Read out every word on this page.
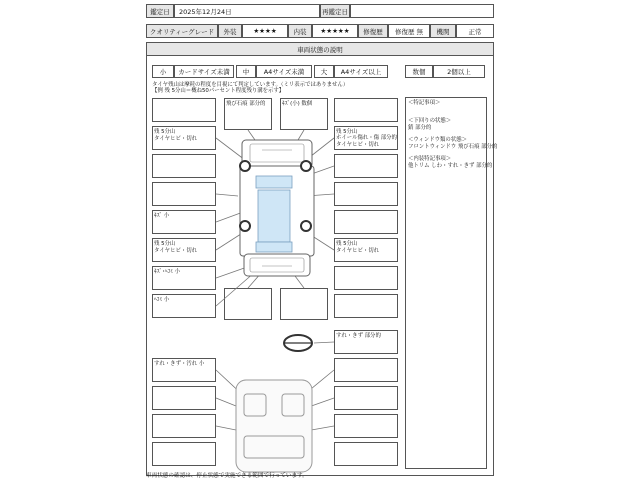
鑑定日	2025年12月24日	再鑑定日
クオリティーグレード	外装	★★★★	内装	★★★★★	修復歴	修復歴 無	機関	正常
車両状態の説明
小	カードサイズ未満	中	A4サイズ未満	大	A4サイズ以上	数個	2個以上
タイヤ残山は摩耗の程度を目視にて判定しています。（ミリ表示ではありません）
【例 残 5分山＝概ね50パーセント程度残り溝を示す】
＜特記事項＞
＜下回りの状態＞
錆 部分的
＜ウィンドウ類の状態＞
フロントウィンドウ 飛び石痕 部分的
＜内装特記事項＞
他トリム しわ・すれ・きず 部分的
残 5分山
タイヤヒビ・切れ
ｷｽﾞ 小
残 5分山
タイヤヒビ・切れ
ｷｽﾞ･ﾍｺﾐ 小
ﾍｺﾐ 小
すれ・きず・汚れ 小
飛び石痕 部分的	ｷｽﾞ(小) 数個
残 5分山
ホイール傷れ・傷 部分的
タイヤヒビ・切れ
残 5分山
タイヤヒビ・切れ
すれ・きず 部分的
車両状態の確認は、停止状態で実施できる範囲で行っています。
